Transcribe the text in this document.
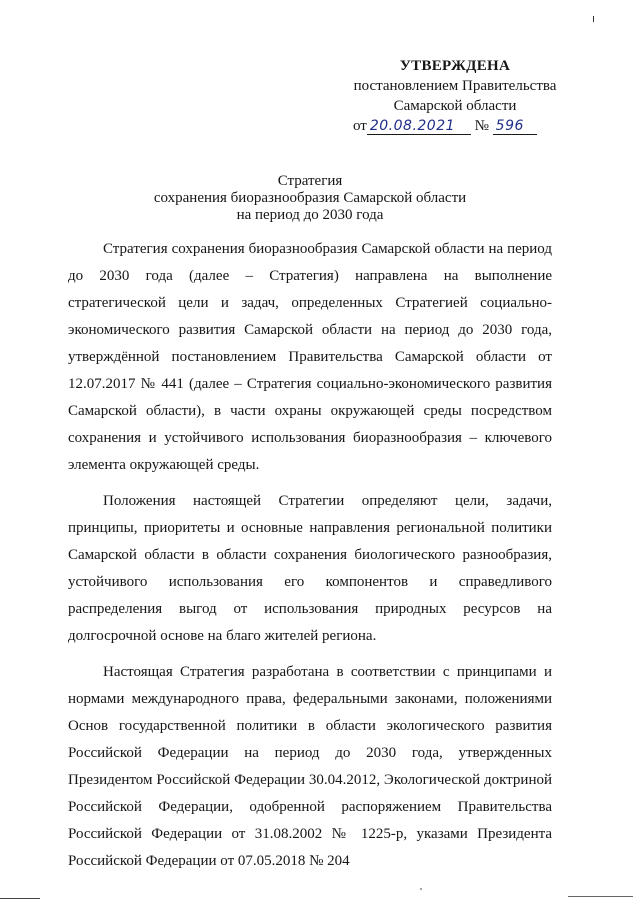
УТВЕРЖДЕНА
постановлением Правительства
Самарской области
от 20.08.2021 № 596
Стратегия
сохранения биоразнообразия Самарской области
на период до 2030 года

Стратегия сохранения биоразнообразия Самарской области на период до 2030 года (далее – Стратегия) направлена на выполнение стратегической цели и задач, определенных Стратегией социально-экономического развития Самарской области на период до 2030 года, утверждённой постановлением Правительства Самарской области от 12.07.2017 № 441 (далее – Стратегия социально-экономического развития Самарской области), в части охраны окружающей среды посредством сохранения и устойчивого использования биоразнообразия – ключевого элемента окружающей среды.

Положения настоящей Стратегии определяют цели, задачи, принципы, приоритеты и основные направления региональной политики Самарской области в области сохранения биологического разнообразия, устойчивого использования его компонентов и справедливого распределения выгод от использования природных ресурсов на долгосрочной основе на благо жителей региона.

Настоящая Стратегия разработана в соответствии с принципами и нормами международного права, федеральными законами, положениями Основ государственной политики в области экологического развития Российской Федерации на период до 2030 года, утвержденных Президентом Российской Федерации 30.04.2012, Экологической доктриной Российской Федерации, одобренной распоряжением Правительства Российской Федерации от 31.08.2002 № 1225-р, указами Президента Российской Федерации от 07.05.2018 № 204
